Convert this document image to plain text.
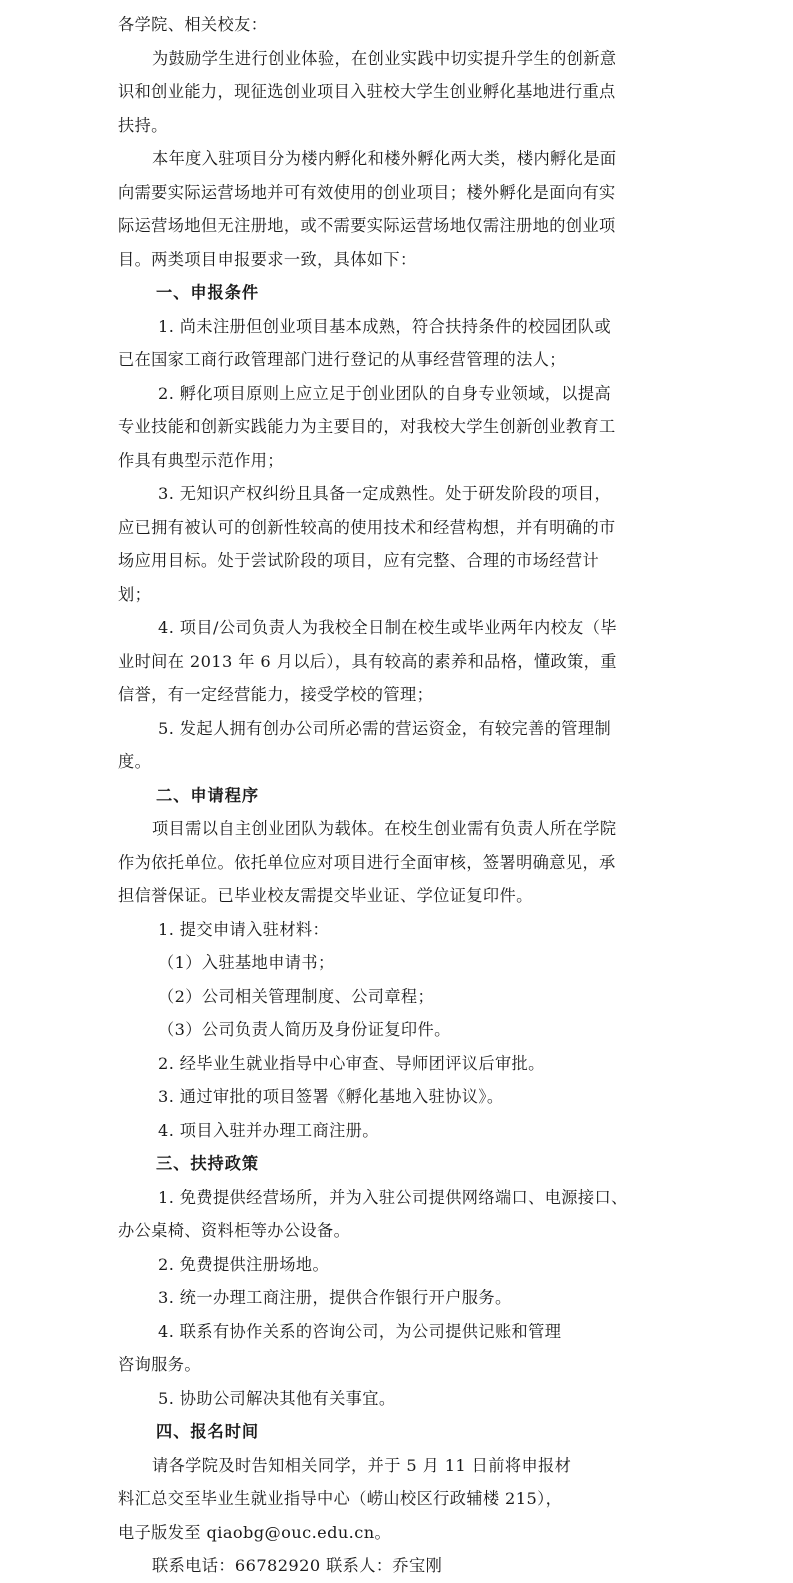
各学院、相关校友：
为鼓励学生进行创业体验，在创业实践中切实提升学生的创新意
识和创业能力，现征选创业项目入驻校大学生创业孵化基地进行重点
扶持。
本年度入驻项目分为楼内孵化和楼外孵化两大类，楼内孵化是面
向需要实际运营场地并可有效使用的创业项目；楼外孵化是面向有实
际运营场地但无注册地，或不需要实际运营场地仅需注册地的创业项
目。两类项目申报要求一致，具体如下：
一、申报条件
1. 尚未注册但创业项目基本成熟，符合扶持条件的校园团队或
已在国家工商行政管理部门进行登记的从事经营管理的法人；
2. 孵化项目原则上应立足于创业团队的自身专业领域，以提高
专业技能和创新实践能力为主要目的，对我校大学生创新创业教育工
作具有典型示范作用；
3. 无知识产权纠纷且具备一定成熟性。处于研发阶段的项目，
应已拥有被认可的创新性较高的使用技术和经营构想，并有明确的市
场应用目标。处于尝试阶段的项目，应有完整、合理的市场经营计
划；
4. 项目/公司负责人为我校全日制在校生或毕业两年内校友（毕
业时间在 2013 年 6 月以后），具有较高的素养和品格，懂政策，重
信誉，有一定经营能力，接受学校的管理；
5. 发起人拥有创办公司所必需的营运资金，有较完善的管理制
度。
二、申请程序
项目需以自主创业团队为载体。在校生创业需有负责人所在学院
作为依托单位。依托单位应对项目进行全面审核，签署明确意见，承
担信誉保证。已毕业校友需提交毕业证、学位证复印件。
1. 提交申请入驻材料：
（1）入驻基地申请书；
（2）公司相关管理制度、公司章程；
（3）公司负责人简历及身份证复印件。
2. 经毕业生就业指导中心审查、导师团评议后审批。
3. 通过审批的项目签署《孵化基地入驻协议》。
4. 项目入驻并办理工商注册。
三、扶持政策
1. 免费提供经营场所，并为入驻公司提供网络端口、电源接口、
办公桌椅、资料柜等办公设备。
2. 免费提供注册场地。
3. 统一办理工商注册，提供合作银行开户服务。
4. 联系有协作关系的咨询公司，为公司提供记账和管理
咨询服务。
5. 协助公司解决其他有关事宜。
四、报名时间
请各学院及时告知相关同学，并于 5 月 11 日前将申报材
料汇总交至毕业生就业指导中心（崂山校区行政辅楼 215），
电子版发至 qiaobg@ouc.edu.cn。
联系电话：66782920 联系人：乔宝刚
